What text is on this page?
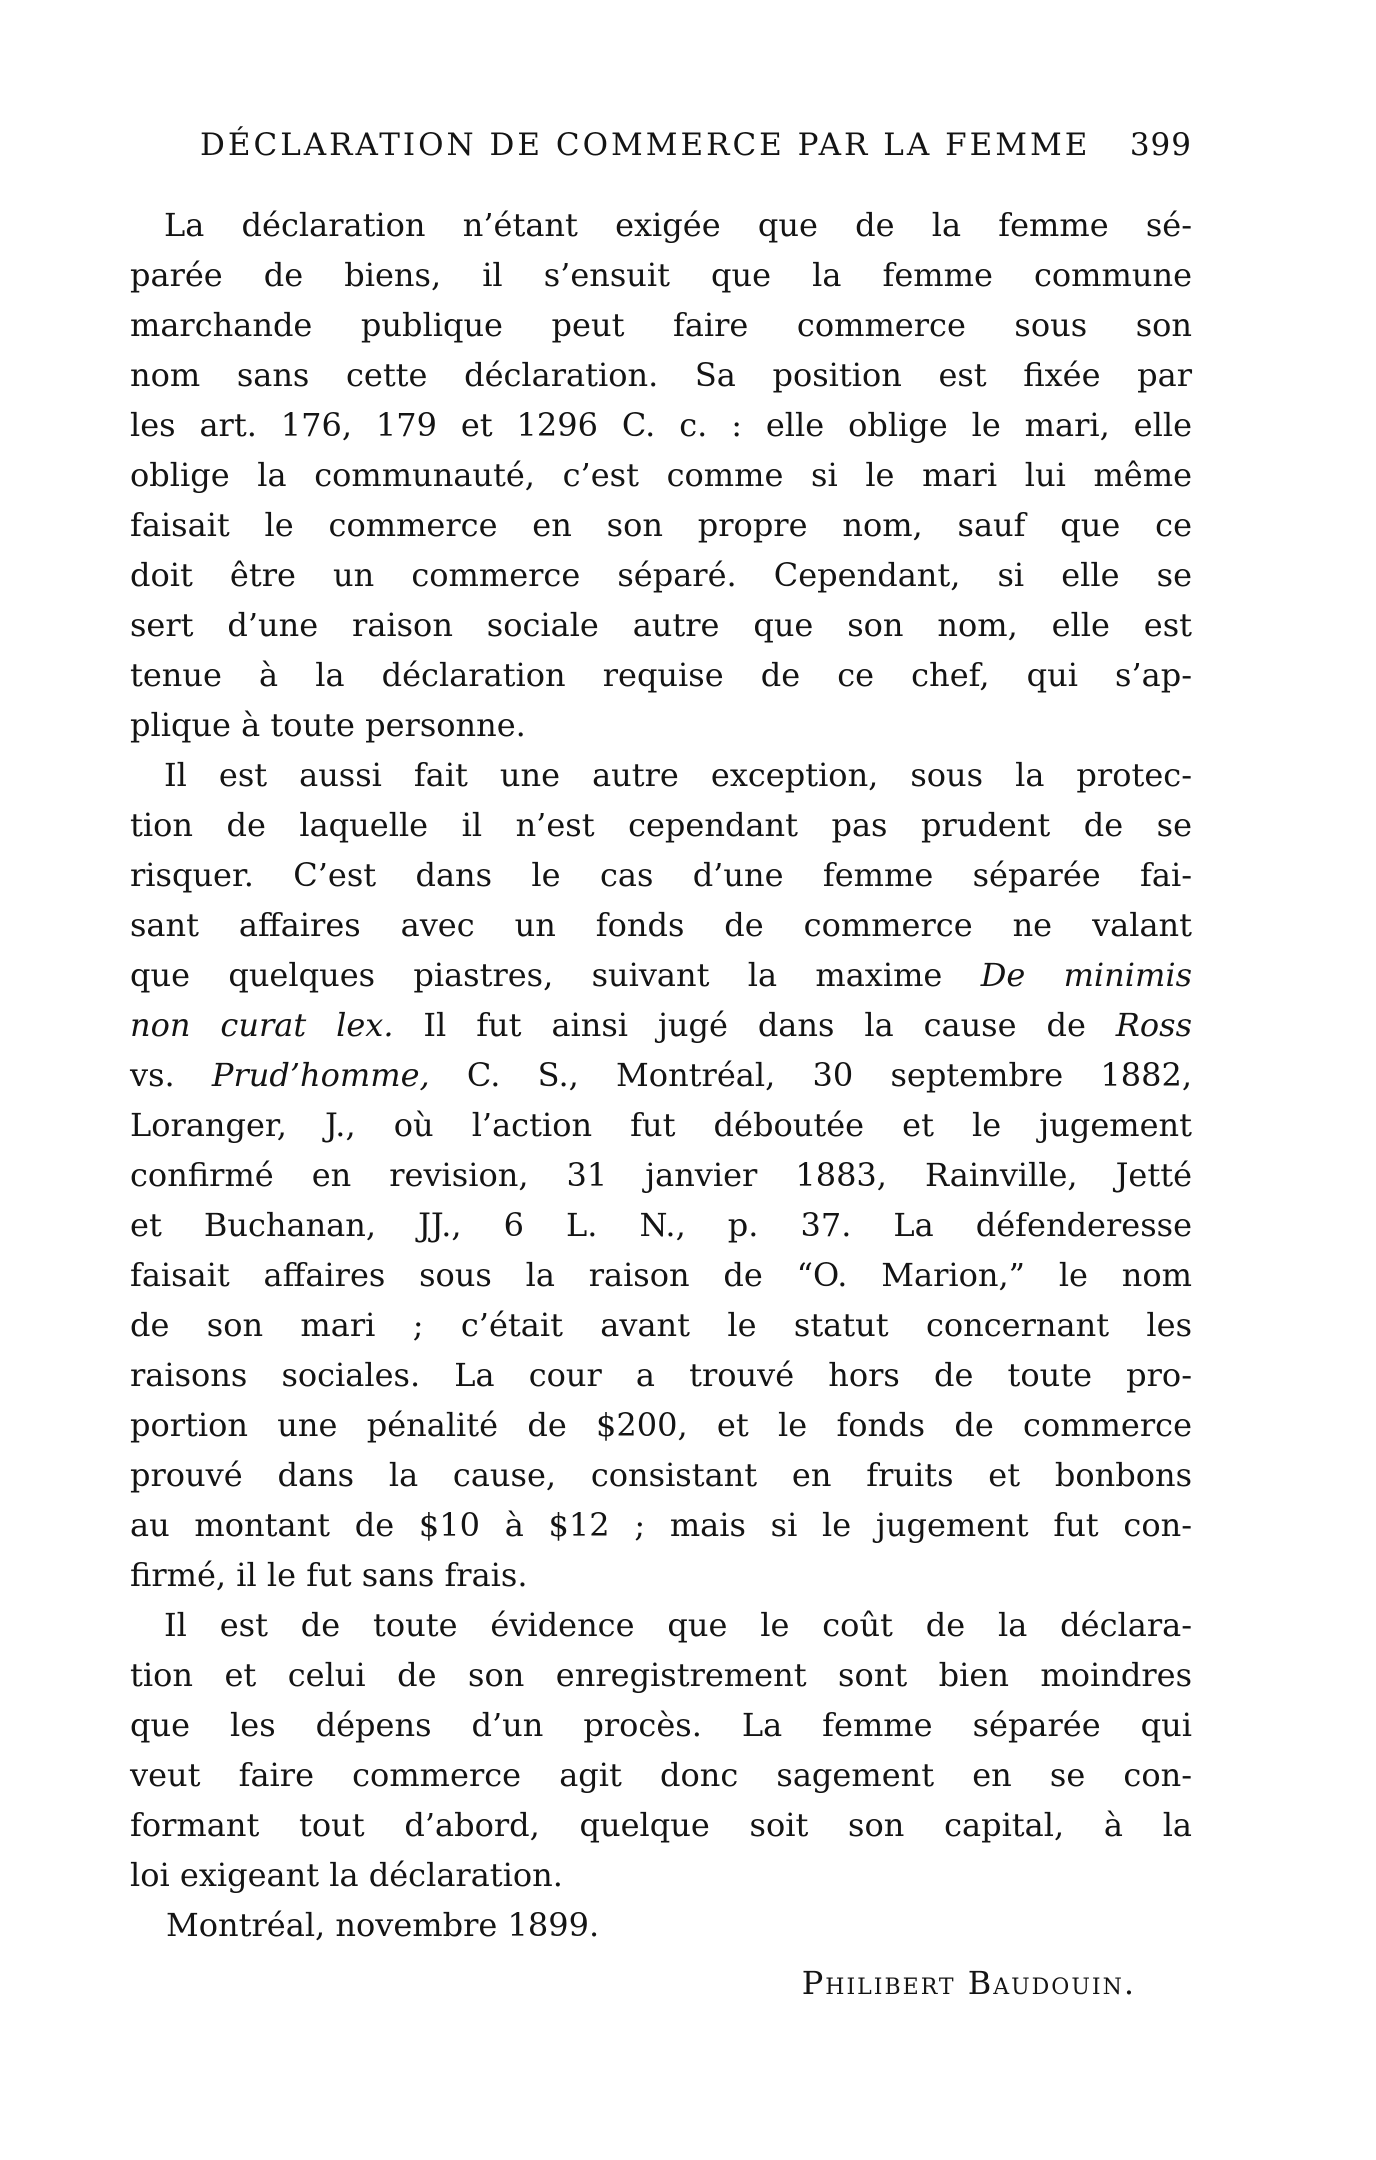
DÉCLARATION DE COMMERCE PAR LA FEMME 399

La déclaration n’étant exigée que de la femme sé-
parée de biens, il s’ensuit que la femme commune
marchande publique peut faire commerce sous son
nom sans cette déclaration. Sa position est fixée par
les art. 176, 179 et 1296 C. c. : elle oblige le mari, elle
oblige la communauté, c’est comme si le mari lui même
faisait le commerce en son propre nom, sauf que ce
doit être un commerce séparé. Cependant, si elle se
sert d’une raison sociale autre que son nom, elle est
tenue à la déclaration requise de ce chef, qui s’ap-
plique à toute personne.

Il est aussi fait une autre exception, sous la protec-
tion de laquelle il n’est cependant pas prudent de se
risquer. C’est dans le cas d’une femme séparée fai-
sant affaires avec un fonds de commerce ne valant
que quelques piastres, suivant la maxime De minimis
non curat lex. Il fut ainsi jugé dans la cause de Ross
vs. Prud’homme, C. S., Montréal, 30 septembre 1882,
Loranger, J., où l’action fut déboutée et le jugement
confirmé en revision, 31 janvier 1883, Rainville, Jetté
et Buchanan, JJ., 6 L. N., p. 37. La défenderesse
faisait affaires sous la raison de “O. Marion,” le nom
de son mari ; c’était avant le statut concernant les
raisons sociales. La cour a trouvé hors de toute pro-
portion une pénalité de $200, et le fonds de commerce
prouvé dans la cause, consistant en fruits et bonbons
au montant de $10 à $12 ; mais si le jugement fut con-
firmé, il le fut sans frais.

Il est de toute évidence que le coût de la déclara-
tion et celui de son enregistrement sont bien moindres
que les dépens d’un procès. La femme séparée qui
veut faire commerce agit donc sagement en se con-
formant tout d’abord, quelque soit son capital, à la
loi exigeant la déclaration.

Montréal, novembre 1899.

Philibert Baudouin.
